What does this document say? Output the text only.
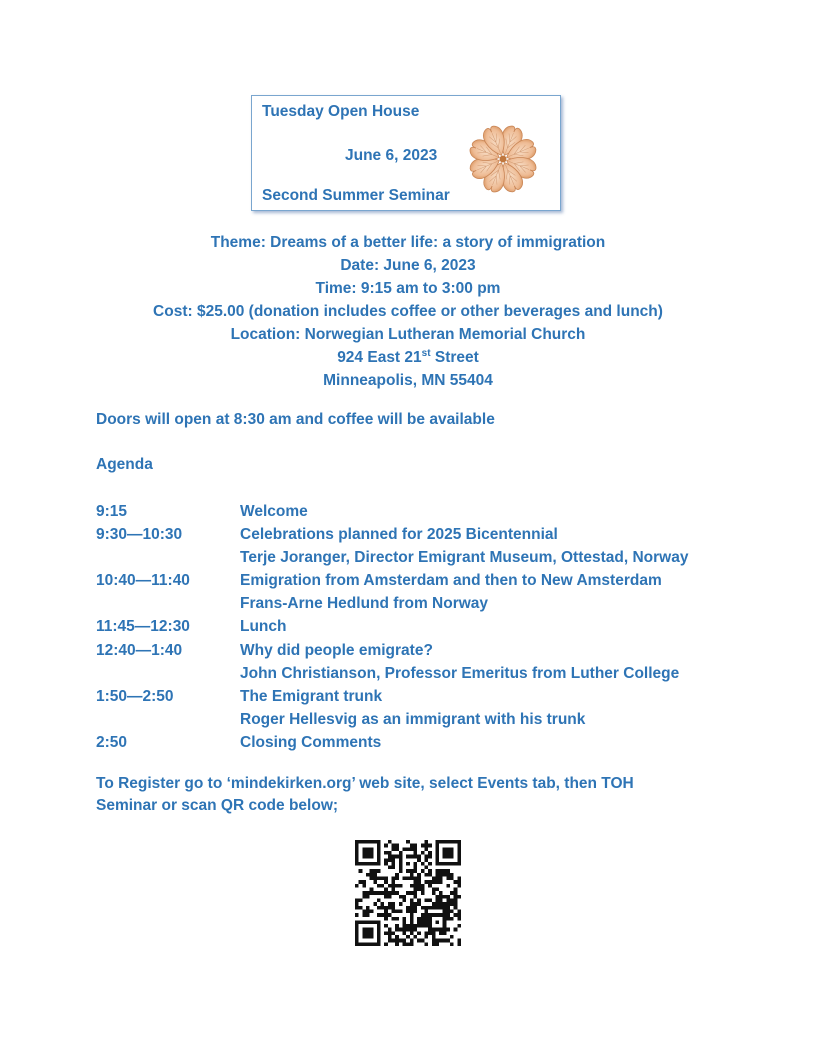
Tuesday Open House
June 6, 2023
Second Summer Seminar
Theme: Dreams of a better life: a story of immigration
Date: June 6, 2023
Time: 9:15 am to 3:00 pm
Cost: $25.00 (donation includes coffee or other beverages and lunch)
Location: Norwegian Lutheran Memorial Church
924 East 21st Street
Minneapolis, MN 55404
Doors will open at 8:30 am and coffee will be available
Agenda
9:15	Welcome
9:30—10:30	Celebrations planned for 2025 Bicentennial
Terje Joranger, Director Emigrant Museum, Ottestad, Norway
10:40—11:40	Emigration from Amsterdam and then to New Amsterdam
Frans-Arne Hedlund from Norway
11:45—12:30	Lunch
12:40—1:40	Why did people emigrate?
John Christianson, Professor Emeritus from Luther College
1:50—2:50	The Emigrant trunk
Roger Hellesvig as an immigrant with his trunk
2:50	Closing Comments
To Register go to ‘mindekirken.org’ web site, select Events tab, then TOH
Seminar or scan QR code below;
